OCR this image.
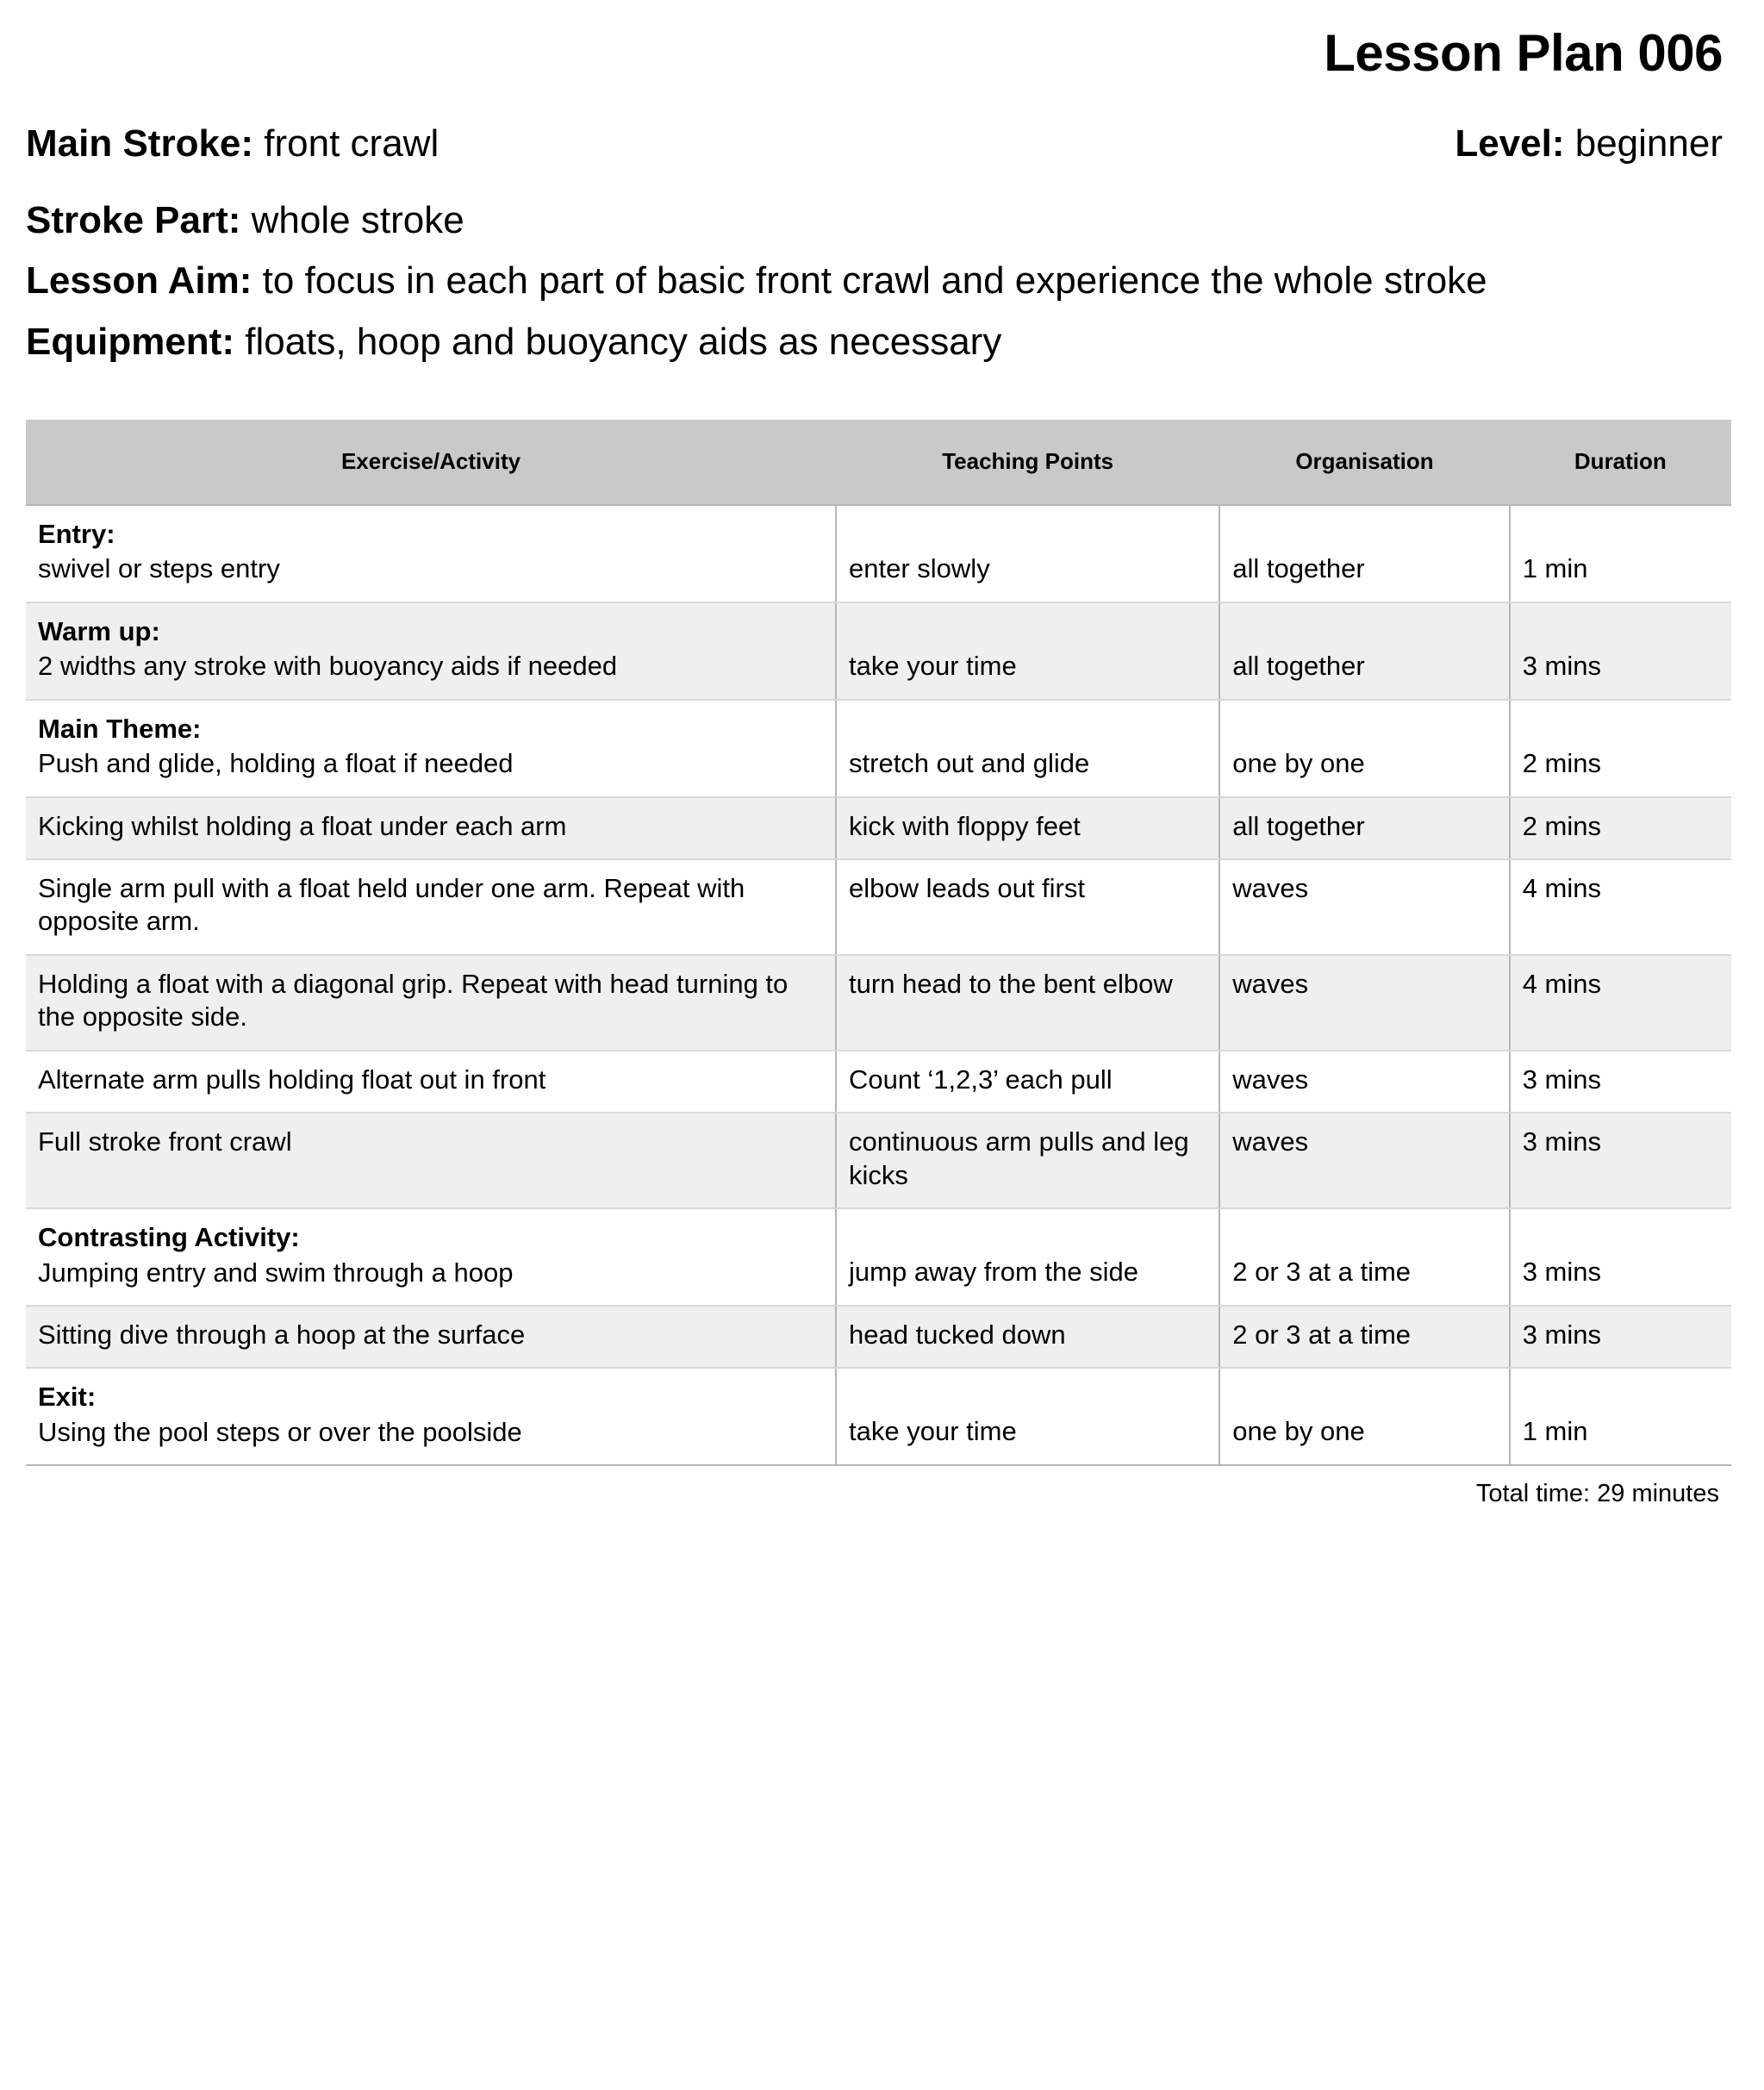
Lesson Plan 006
Main Stroke: front crawl	Level: beginner
Stroke Part: whole stroke
Lesson Aim: to focus in each part of basic front crawl and experience the whole stroke
Equipment: floats, hoop and buoyancy aids as necessary
Exercise/Activity	Teaching Points	Organisation	Duration

Entry:
swivel or steps entry	enter slowly	all together	1 min

Warm up:
2 widths any stroke with buoyancy aids if needed	take your time	all together	3 mins

Main Theme:
Push and glide, holding a float if needed	stretch out and glide	one by one	2 mins

Kicking whilst holding a float under each arm	kick with floppy feet	all together	2 mins

Single arm pull with a float held under one arm. Repeat with opposite arm.	elbow leads out first	waves	4 mins

Holding a float with a diagonal grip. Repeat with head turning to the opposite side.	turn head to the bent elbow	waves	4 mins

Alternate arm pulls holding float out in front	Count ‘1,2,3’ each pull	waves	3 mins

Full stroke front crawl	continuous arm pulls and leg kicks	waves	3 mins

Contrasting Activity:
Jumping entry and swim through a hoop	jump away from the side	2 or 3 at a time	3 mins

Sitting dive through a hoop at the surface	head tucked down	2 or 3 at a time	3 mins

Exit:
Using the pool steps or over the poolside	take your time	one by one	1 min
Total time: 29 minutes
